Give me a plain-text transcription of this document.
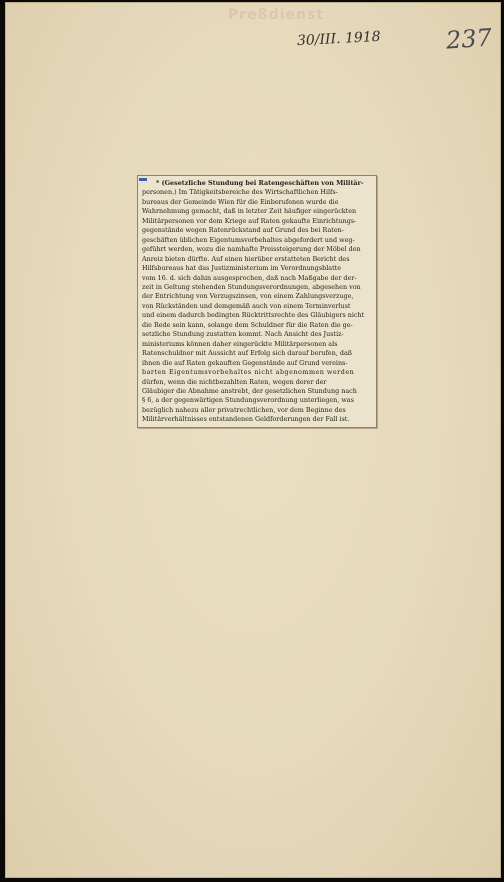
Preßdienst
30/III. 1918	237

* (Gesetzliche Stundung bei Ratengeschäften von Militär-

personen.) Im Tätigkeitsbereiche des Wirtschaftlichen Hilfs-

bureaus der Gemeinde Wien für die Einberufenen wurde die

Wahrnehmung gemacht, daß in letzter Zeit häufiger eingerückten

Militärpersonen vor dem Kriege auf Raten gekaufte Einrichtungs-

gegenstände wegen Ratenrückstand auf Grund des bei Raten-

geschäften üblichen Eigentumsvorbehaltes abgefordert und weg-

geführt werden, wozu die namhafte Preissteigerung der Möbel den

Anreiz bieten dürfte. Auf einen hierüber erstatteten Bericht des

Hilfsbureaus hat das Justizministerium im Verordnungsblatte

vom 16. d. sich dahin ausgesprochen, daß nach Maßgabe der der-

zeit in Geltung stehenden Stundungsverordnungen, abgesehen von

der Entrichtung von Verzugszinsen, von einem Zahlungsverzuge,

von Rückständen und demgemäß auch von einem Terminverlust

und einem dadurch bedingten Rücktrittsrechte des Gläubigers nicht

die Rede sein kann, solange dem Schuldner für die Raten die ge-

setzliche Stundung zustatten kommt. Nach Ansicht des Justiz-

ministeriums können daher eingerückte Militärpersonen als

Ratenschuldner mit Aussicht auf Erfolg sich darauf berufen, daß

ihnen die auf Raten gekauften Gegenstände auf Grund vereins-

barten Eigentumsvorbehaltes nicht abgenommen werden

dürfen, wenn die nichtbezahlten Raten, wegen derer der

Gläubiger die Abnahme anstrebt, der gesetzlichen Stundung nach

§ 6, a der gegenwärtigen Stundungsverordnung unterliegen, was

bezüglich nahezu aller privatrechtlichen, vor dem Beginne des

Militärverhältnisses entstandenen Geldforderungen der Fall ist.
